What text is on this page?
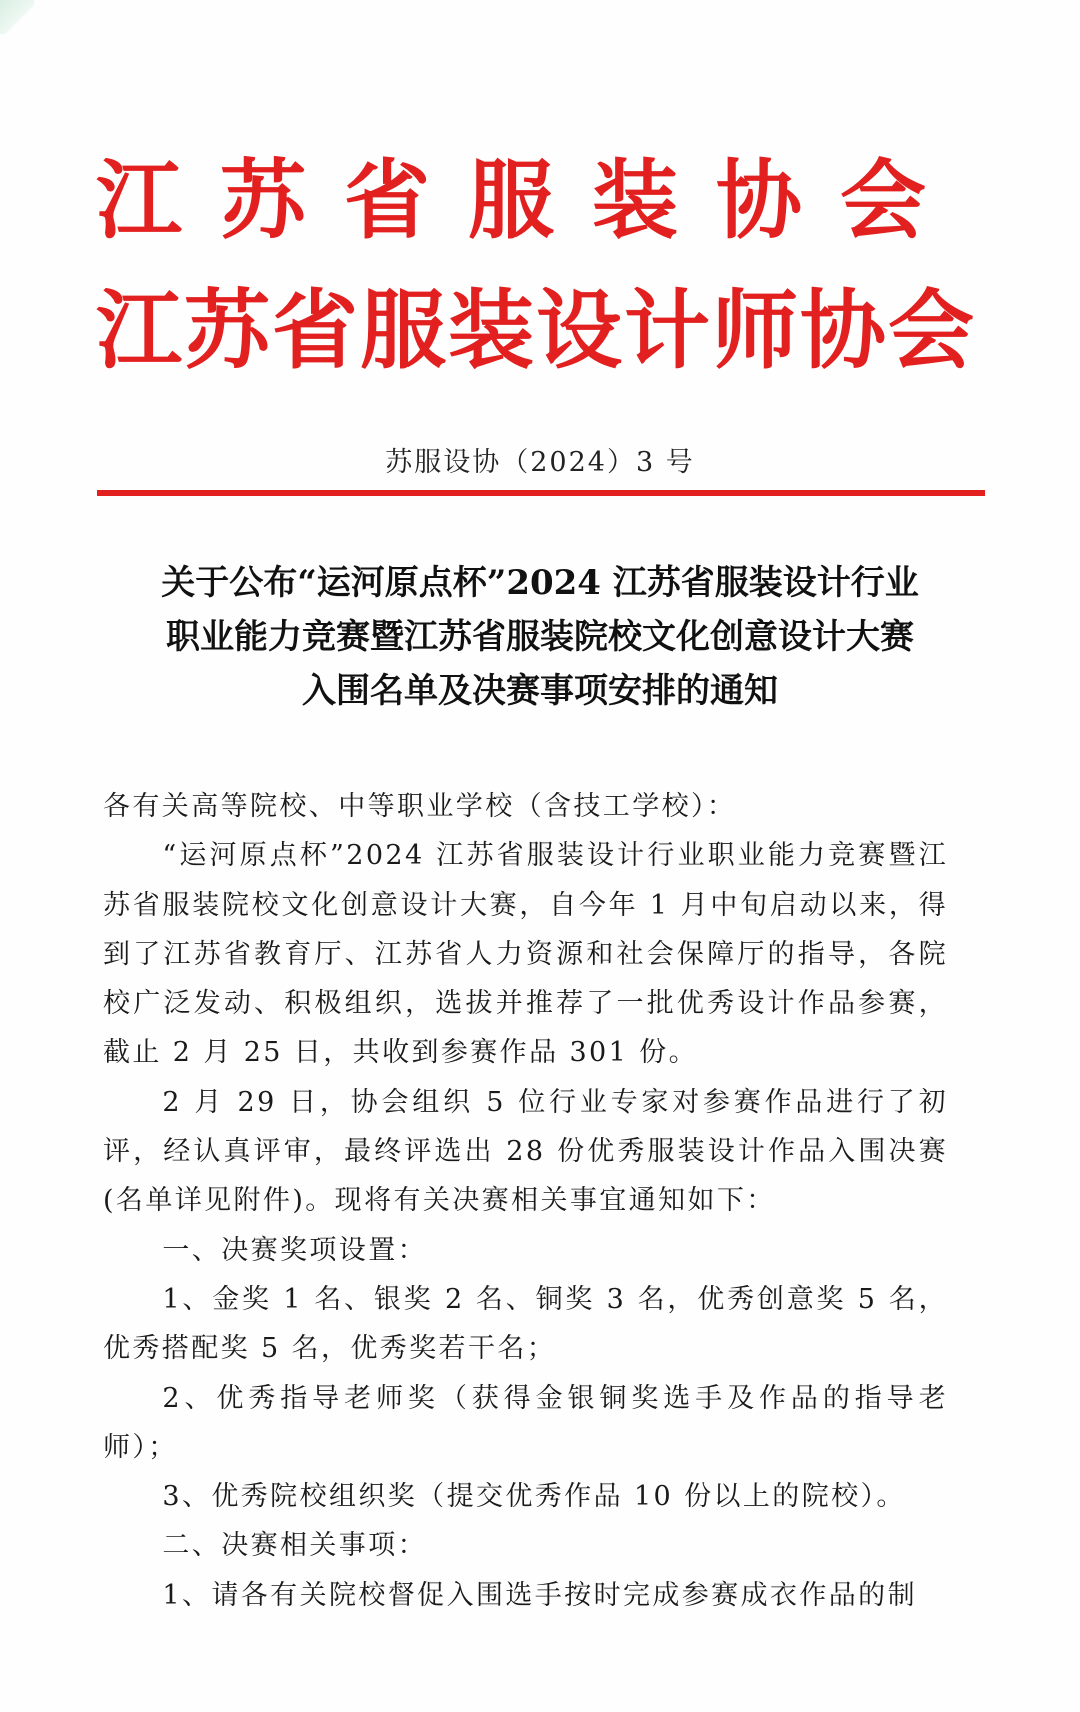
江苏省服装协会
江苏省服装设计师协会
苏服设协（2024）3 号
关于公布“运河原点杯”2024 江苏省服装设计行业
职业能力竞赛暨江苏省服装院校文化创意设计大赛
入围名单及决赛事项安排的通知

各有关高等院校、中等职业学校（含技工学校）：

“运河原点杯”2024 江苏省服装设计行业职业能力竞赛暨江苏省服装院校文化创意设计大赛，自今年 1 月中旬启动以来，得到了江苏省教育厅、江苏省人力资源和社会保障厅的指导，各院校广泛发动、积极组织，选拔并推荐了一批优秀设计作品参赛，截止 2 月 25 日，共收到参赛作品 301 份。

2 月 29 日，协会组织 5 位行业专家对参赛作品进行了初评，经认真评审，最终评选出 28 份优秀服装设计作品入围决赛(名单详见附件)。现将有关决赛相关事宜通知如下：

一、决赛奖项设置：

1、金奖 1 名、银奖 2 名、铜奖 3 名，优秀创意奖 5 名，优秀搭配奖 5 名，优秀奖若干名；

2、优秀指导老师奖（获得金银铜奖选手及作品的指导老师）；

3、优秀院校组织奖（提交优秀作品 10 份以上的院校）。

二、决赛相关事项：

1、请各有关院校督促入围选手按时完成参赛成衣作品的制
